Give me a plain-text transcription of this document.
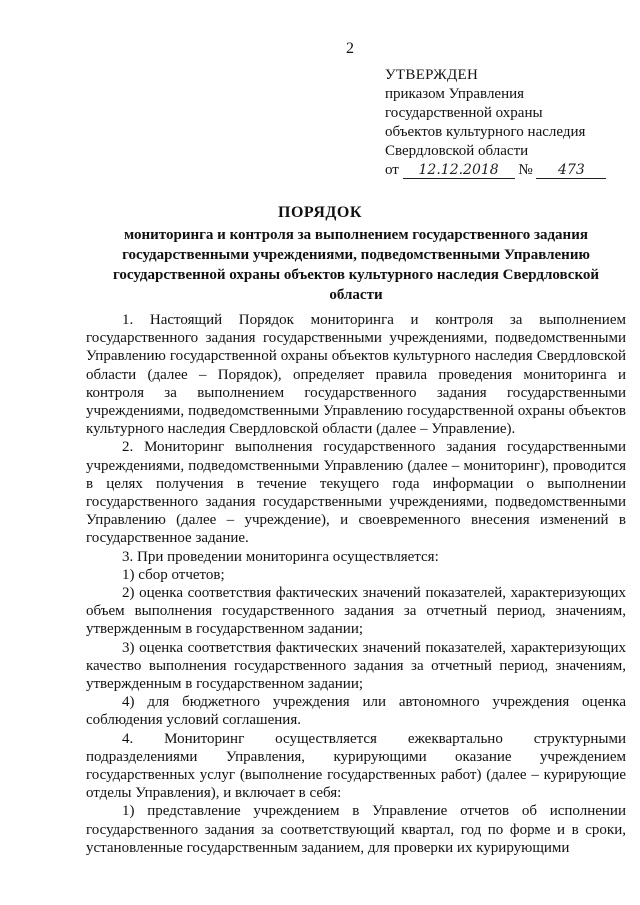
2
УТВЕРЖДЕН
приказом Управления
государственной охраны
объектов культурного наследия
Свердловской области
от 12.12.2018 № 473
ПОРЯДОК
мониторинга и контроля за выполнением государственного задания государственными учреждениями, подведомственными Управлению государственной охраны объектов культурного наследия Свердловской области

1. Настоящий Порядок мониторинга и контроля за выполнением государственного задания государственными учреждениями, подведомственными Управлению государственной охраны объектов культурного наследия Свердловской области (далее – Порядок), определяет правила проведения мониторинга и контроля за выполнением государственного задания государственными учреждениями, подведомственными Управлению государственной охраны объектов культурного наследия Свердловской области (далее – Управление).

2. Мониторинг выполнения государственного задания государственными учреждениями, подведомственными Управлению (далее – мониторинг), проводится в целях получения в течение текущего года информации о выполнении государственного задания государственными учреждениями, подведомственными Управлению (далее – учреждение), и своевременного внесения изменений в государственное задание.

3. При проведении мониторинга осуществляется:

1) сбор отчетов;

2) оценка соответствия фактических значений показателей, характеризующих объем выполнения государственного задания за отчетный период, значениям, утвержденным в государственном задании;

3) оценка соответствия фактических значений показателей, характеризующих качество выполнения государственного задания за отчетный период, значениям, утвержденным в государственном задании;

4) для бюджетного учреждения или автономного учреждения оценка соблюдения условий соглашения.

4. Мониторинг осуществляется ежеквартально структурными подразделениями Управления, курирующими оказание учреждением государственных услуг (выполнение государственных работ) (далее – курирующие отделы Управления), и включает в себя:

1) представление учреждением в Управление отчетов об исполнении государственного задания за соответствующий квартал, год по форме и в сроки, установленные государственным заданием, для проверки их курирующими
